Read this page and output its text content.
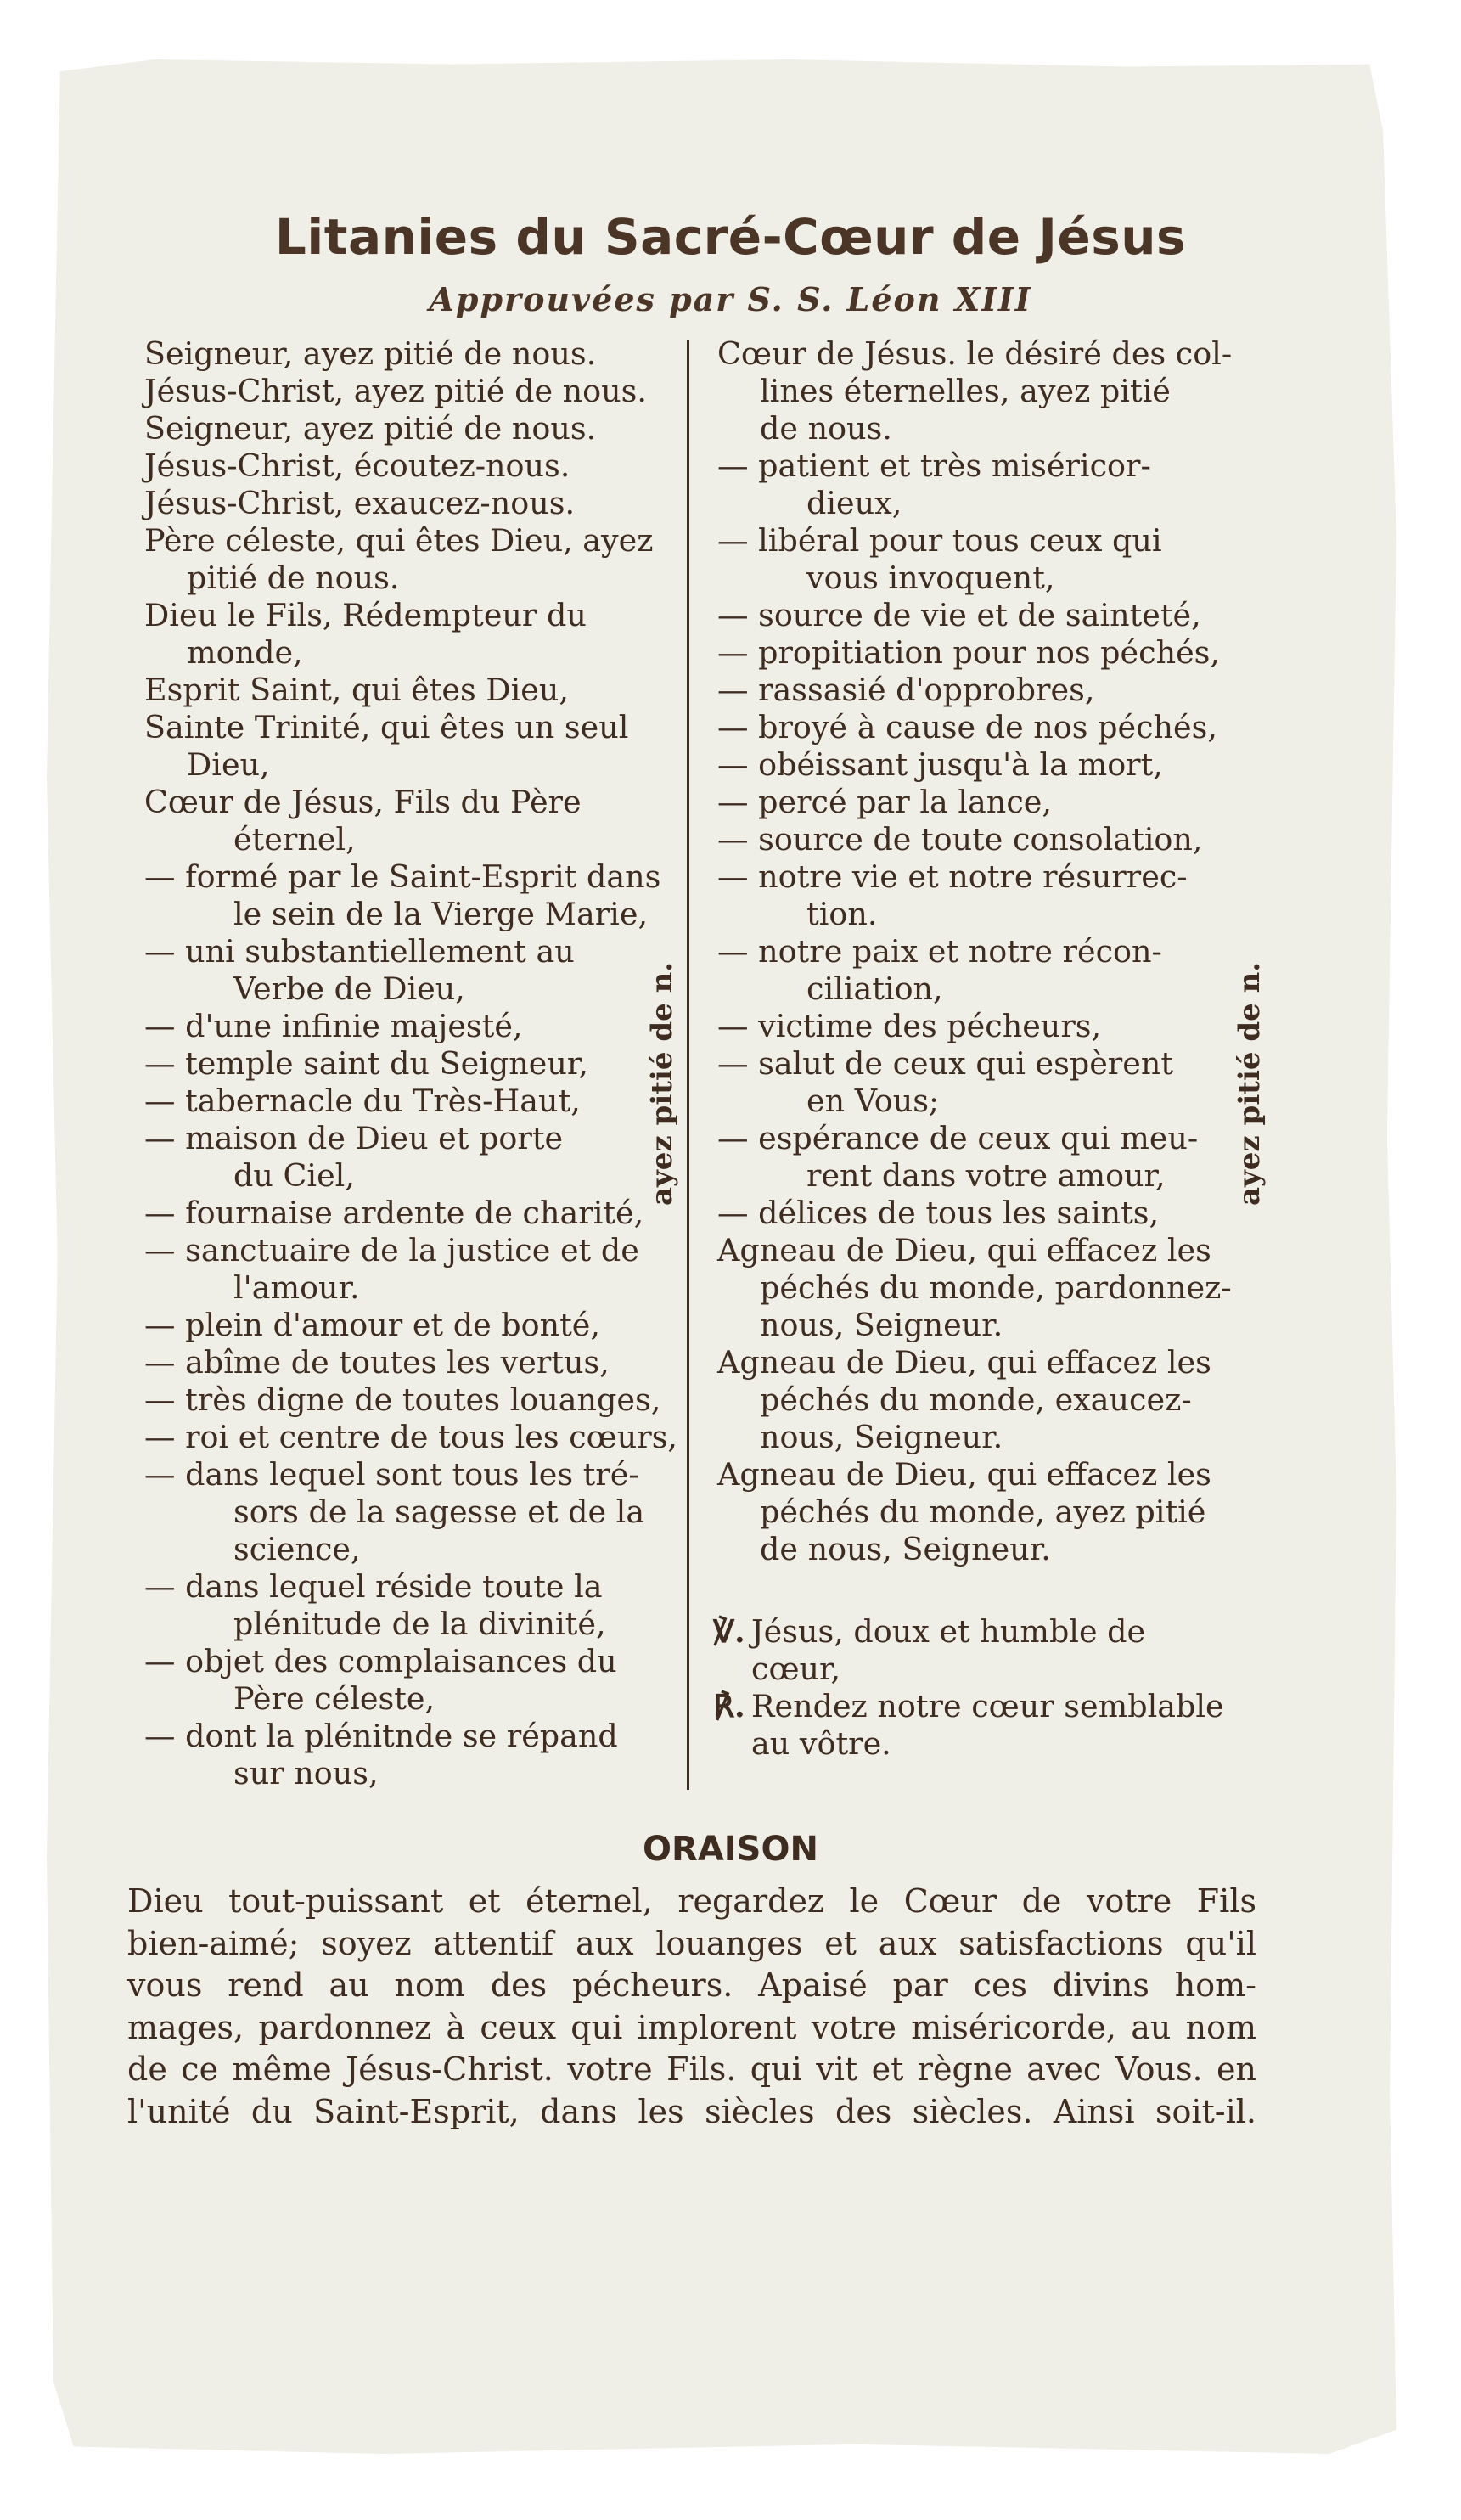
Litanies du Sacré-Cœur de Jésus
Approuvées par S. S. Léon XIII
Seigneur, ayez pitié de nous.
Jésus-Christ, ayez pitié de nous.
Seigneur, ayez pitié de nous.
Jésus-Christ, écoutez-nous.
Jésus-Christ, exaucez-nous.
Père céleste, qui êtes Dieu, ayez
pitié de nous.
Dieu le Fils, Rédempteur du
monde,
Esprit Saint, qui êtes Dieu,
Sainte Trinité, qui êtes un seul
Dieu,
Cœur de Jésus, Fils du Père
éternel,
— formé par le Saint-Esprit dans
le sein de la Vierge Marie,
— uni substantiellement au
Verbe de Dieu,
— d'une infinie majesté,
— temple saint du Seigneur,
— tabernacle du Très-Haut,
— maison de Dieu et porte
du Ciel,
— fournaise ardente de charité,
— sanctuaire de la justice et de
l'amour.
— plein d'amour et de bonté,
— abîme de toutes les vertus,
— très digne de toutes louanges,
— roi et centre de tous les cœurs,
— dans lequel sont tous les tré-
sors de la sagesse et de la
science,
— dans lequel réside toute la
plénitude de la divinité,
— objet des complaisances du
Père céleste,
— dont la plénitnde se répand
sur nous,
Cœur de Jésus. le désiré des col-
lines éternelles, ayez pitié
de nous.
— patient et très miséricor-
dieux,
— libéral pour tous ceux qui
vous invoquent,
— source de vie et de sainteté,
— propitiation pour nos péchés,
— rassasié d'opprobres,
— broyé à cause de nos péchés,
— obéissant jusqu'à la mort,
— percé par la lance,
— source de toute consolation,
— notre vie et notre résurrec-
tion.
— notre paix et notre récon-
ciliation,
— victime des pécheurs,
— salut de ceux qui espèrent
en Vous;
— espérance de ceux qui meu-
rent dans votre amour,
— délices de tous les saints,
Agneau de Dieu, qui effacez les
péchés du monde, pardonnez-
nous, Seigneur.
Agneau de Dieu, qui effacez les
péchés du monde, exaucez-
nous, Seigneur.
Agneau de Dieu, qui effacez les
péchés du monde, ayez pitié
de nous, Seigneur.
ayez pitié de n.	ayez pitié de n.
℣. Jésus, doux et humble de
cœur,
℟. Rendez notre cœur semblable
au vôtre.
ORAISON
Dieu tout-puissant et éternel, regardez le Cœur de votre Fils
bien-aimé; soyez attentif aux louanges et aux satisfactions qu'il
vous rend au nom des pécheurs. Apaisé par ces divins hom-
mages, pardonnez à ceux qui implorent votre miséricorde, au nom
de ce même Jésus-Christ. votre Fils. qui vit et règne avec Vous. en
l'unité du Saint-Esprit, dans les siècles des siècles. Ainsi soit-il.
